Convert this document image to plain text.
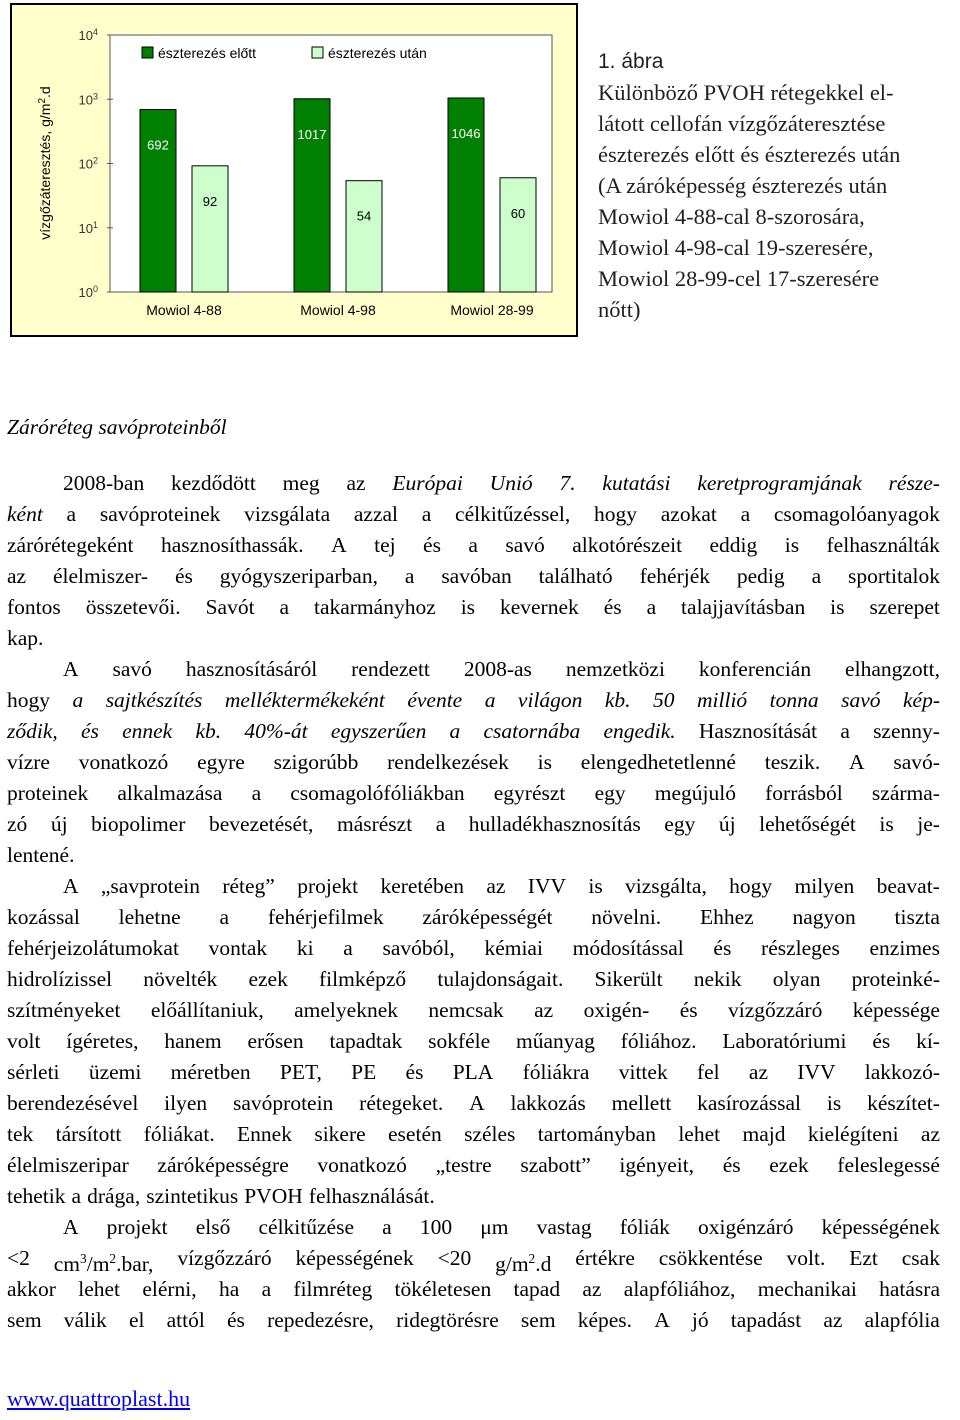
$10^0$
$10^1$
$10^2$
$10^3$
$10^4$
vízgőzáteresztés, $g/m^2.d$
észterezés előtt	észterezés után
692
92
Mowiol 4-88
1017
54
Mowiol 4-98
1046
60
Mowiol 28-99
1. ábra
Különböző PVOH rétegekkel el-
látott cellofán vízgőzáteresztése
észterezés előtt és észterezés után
(A záróképesség észterezés után
Mowiol 4-88-cal 8-szorosára,
Mowiol 4-98-cal 19-szeresére,
Mowiol 28-99-cel 17-szeresére
nőtt)
Záróréteg savóproteinből
2008-ban kezdődött meg az Európai Unió 7. kutatási keretprogramjának része-
ként a savóproteinek vizsgálata azzal a célkitűzéssel, hogy azokat a csomagolóanyagok
zárórétegeként hasznosíthassák. A tej és a savó alkotórészeit eddig is felhasználták
az élelmiszer- és gyógyszeriparban, a savóban található fehérjék pedig a sportitalok
fontos összetevői. Savót a takarmányhoz is kevernek és a talajjavításban is szerepet
kap.
A savó hasznosításáról rendezett 2008-as nemzetközi konferencián elhangzott,
hogy a sajtkészítés melléktermékeként évente a világon kb. 50 millió tonna savó kép-
ződik, és ennek kb. 40%-át egyszerűen a csatornába engedik. Hasznosítását a szenny-
vízre vonatkozó egyre szigorúbb rendelkezések is elengedhetetlenné teszik. A savó-
proteinek alkalmazása a csomagolófóliákban egyrészt egy megújuló forrásból szárma-
zó új biopolimer bevezetését, másrészt a hulladékhasznosítás egy új lehetőségét is je-
lentené.
A „savprotein réteg” projekt keretében az IVV is vizsgálta, hogy milyen beavat-
kozással lehetne a fehérjefilmek záróképességét növelni. Ehhez nagyon tiszta
fehérjeizolátumokat vontak ki a savóból, kémiai módosítással és részleges enzimes
hidrolízissel növelték ezek filmképző tulajdonságait. Sikerült nekik olyan proteinké-
szítményeket előállítaniuk, amelyeknek nemcsak az oxigén- és vízgőzzáró képessége
volt ígéretes, hanem erősen tapadtak sokféle műanyag fóliához. Laboratóriumi és kí-
sérleti üzemi méretben PET, PE és PLA fóliákra vittek fel az IVV lakkozó-
berendezésével ilyen savóprotein rétegeket. A lakkozás mellett kasírozással is készítet-
tek társított fóliákat. Ennek sikere esetén széles tartományban lehet majd kielégíteni az
élelmiszeripar záróképességre vonatkozó „testre szabott” igényeit, és ezek feleslegessé
tehetik a drága, szintetikus PVOH felhasználását.
A projekt első célkitűzése a 100 μm vastag fóliák oxigénzáró képességének
<2 $cm^3/m^2.bar$, vízgőzzáró képességének <20 $g/m^2.d$ értékre csökkentése volt. Ezt csak
akkor lehet elérni, ha a filmréteg tökéletesen tapad az alapfóliához, mechanikai hatásra
sem válik el attól és repedezésre, ridegtörésre sem képes. A jó tapadást az alapfólia
www.quattroplast.hu
